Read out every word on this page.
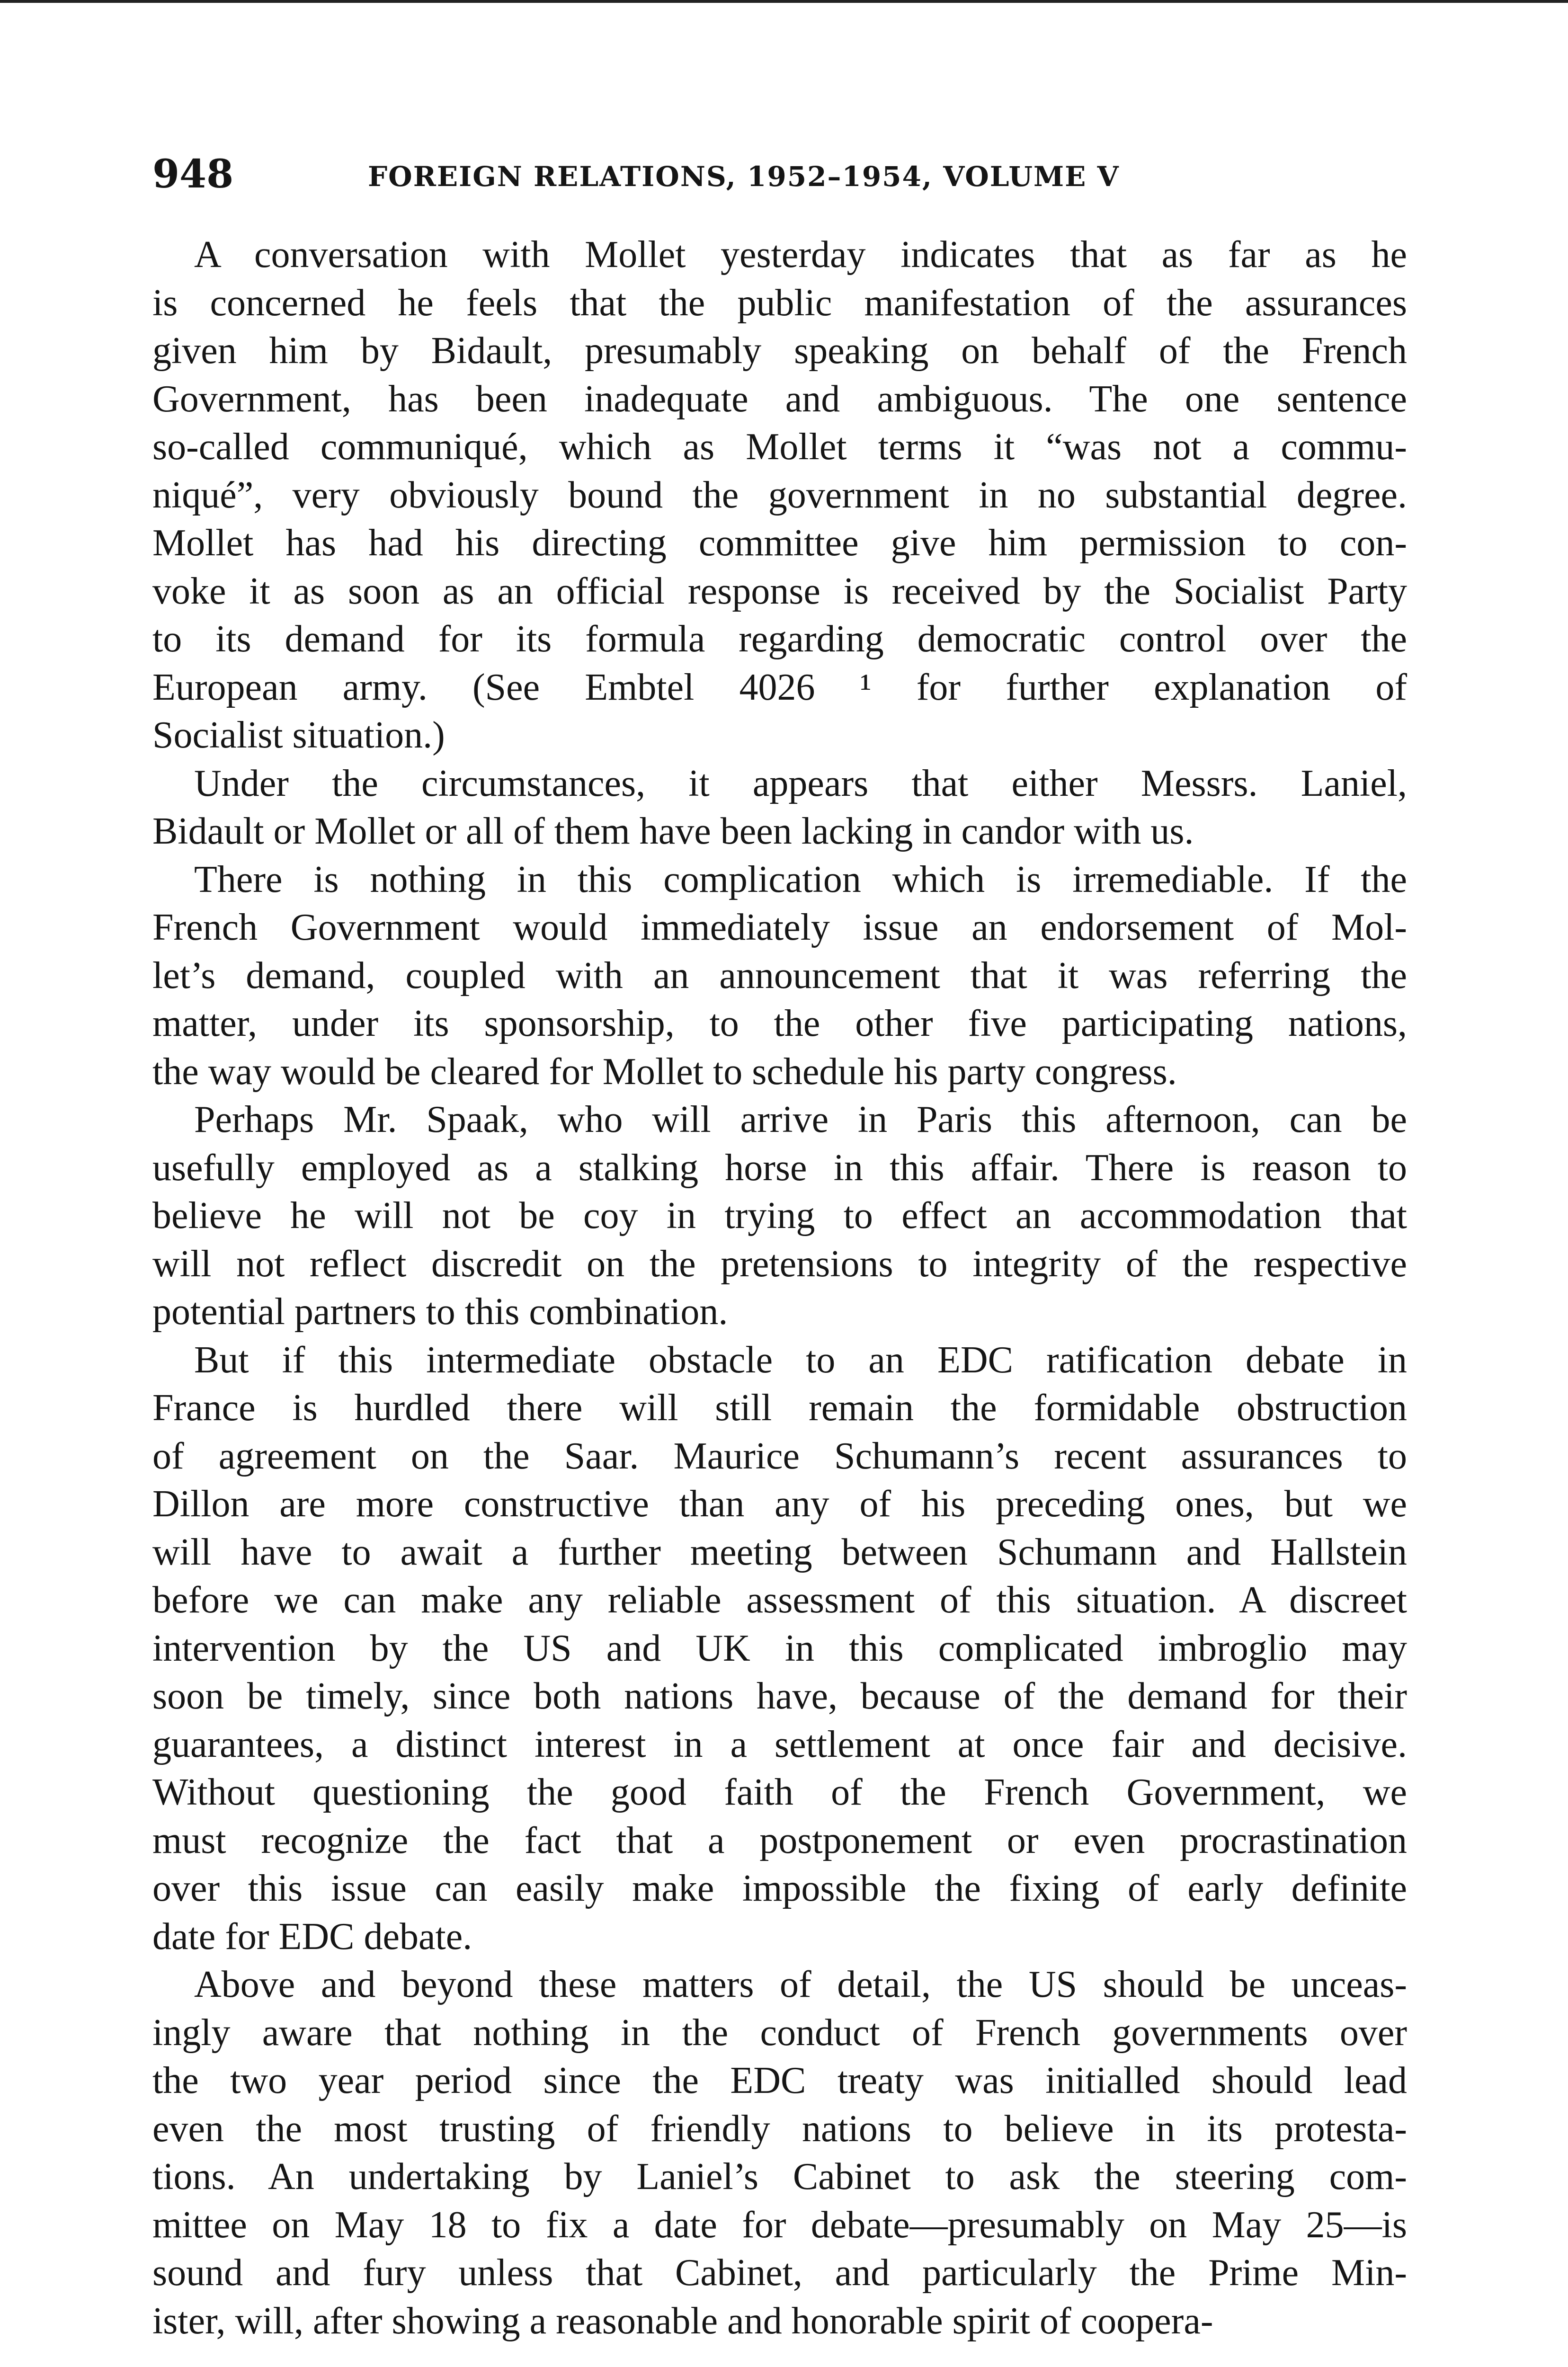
948	FOREIGN RELATIONS, 1952–1954, VOLUME V
A conversation with Mollet yesterday indicates that as far as he
is concerned he feels that the public manifestation of the assurances
given him by Bidault, presumably speaking on behalf of the French
Government, has been inadequate and ambiguous. The one sentence
so-called communiqué, which as Mollet terms it “was not a commu-
niqué”, very obviously bound the government in no substantial degree.
Mollet has had his directing committee give him permission to con-
voke it as soon as an official response is received by the Socialist Party
to its demand for its formula regarding democratic control over the
European army. (See Embtel 4026 ¹ for further explanation of
Socialist situation.)
Under the circumstances, it appears that either Messrs. Laniel,
Bidault or Mollet or all of them have been lacking in candor with us.
There is nothing in this complication which is irremediable. If the
French Government would immediately issue an endorsement of Mol-
let’s demand, coupled with an announcement that it was referring the
matter, under its sponsorship, to the other five participating nations,
the way would be cleared for Mollet to schedule his party congress.
Perhaps Mr. Spaak, who will arrive in Paris this afternoon, can be
usefully employed as a stalking horse in this affair. There is reason to
believe he will not be coy in trying to effect an accommodation that
will not reflect discredit on the pretensions to integrity of the respective
potential partners to this combination.
But if this intermediate obstacle to an EDC ratification debate in
France is hurdled there will still remain the formidable obstruction
of agreement on the Saar. Maurice Schumann’s recent assurances to
Dillon are more constructive than any of his preceding ones, but we
will have to await a further meeting between Schumann and Hallstein
before we can make any reliable assessment of this situation. A discreet
intervention by the US and UK in this complicated imbroglio may
soon be timely, since both nations have, because of the demand for their
guarantees, a distinct interest in a settlement at once fair and decisive.
Without questioning the good faith of the French Government, we
must recognize the fact that a postponement or even procrastination
over this issue can easily make impossible the fixing of early definite
date for EDC debate.
Above and beyond these matters of detail, the US should be unceas-
ingly aware that nothing in the conduct of French governments over
the two year period since the EDC treaty was initialled should lead
even the most trusting of friendly nations to believe in its protesta-
tions. An undertaking by Laniel’s Cabinet to ask the steering com-
mittee on May 18 to fix a date for debate—presumably on May 25—is
sound and fury unless that Cabinet, and particularly the Prime Min-
ister, will, after showing a reasonable and honorable spirit of coopera-
